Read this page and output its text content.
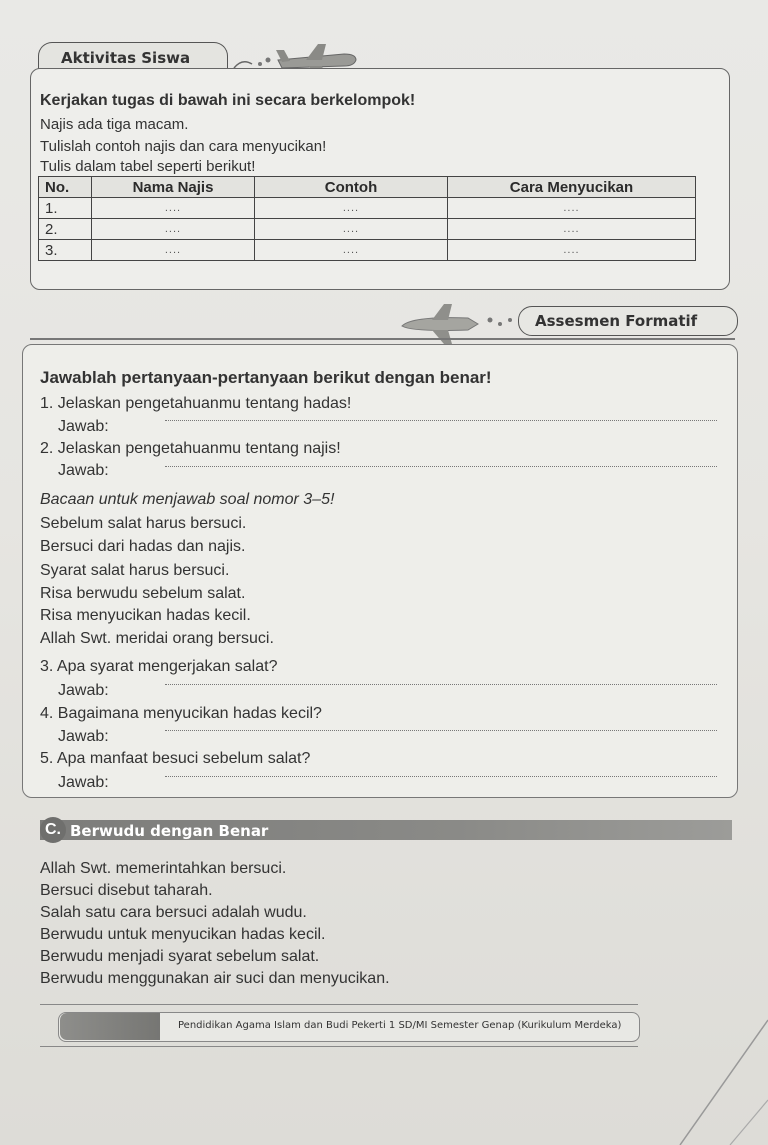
Aktivitas Siswa
Kerjakan tugas di bawah ini secara berkelompok!
Najis ada tiga macam.
Tulislah contoh najis dan cara menyucikan!
Tulis dalam tabel seperti berikut!
No.	Nama Najis	Contoh	Cara Menyucikan
1.	....	....	....
2.	....	....	....
3.	....	....	....
Assesmen Formatif
Jawablah pertanyaan-pertanyaan berikut dengan benar!
1. Jelaskan pengetahuanmu tentang hadas!
Jawab:
2. Jelaskan pengetahuanmu tentang najis!
Jawab:
Bacaan untuk menjawab soal nomor 3–5!
Sebelum salat harus bersuci.
Bersuci dari hadas dan najis.
Syarat salat harus bersuci.
Risa berwudu sebelum salat.
Risa menyucikan hadas kecil.
Allah Swt. meridai orang bersuci.
3. Apa syarat mengerjakan salat?
Jawab:
4. Bagaimana menyucikan hadas kecil?
Jawab:
5. Apa manfaat besuci sebelum salat?
Jawab:
C. Berwudu dengan Benar
Allah Swt. memerintahkan bersuci.
Bersuci disebut taharah.
Salah satu cara bersuci adalah wudu.
Berwudu untuk menyucikan hadas kecil.
Berwudu menjadi syarat sebelum salat.
Berwudu menggunakan air suci dan menyucikan.
Pendidikan Agama Islam dan Budi Pekerti 1 SD/MI Semester Genap (Kurikulum Merdeka)
